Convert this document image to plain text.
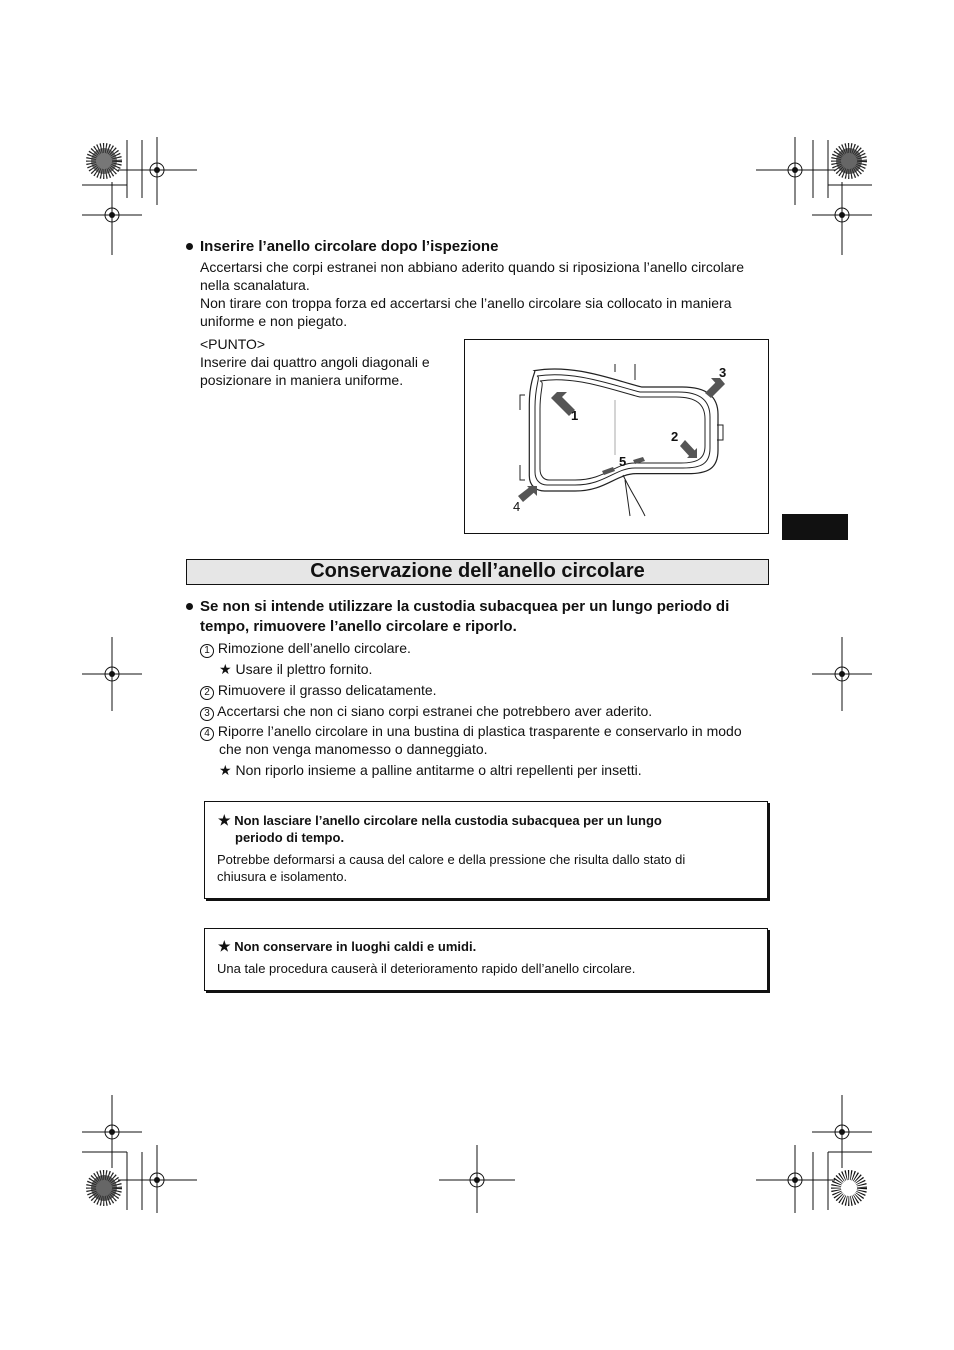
Inserire l’anello circolare dopo l’ispezione
Accertarsi che corpi estranei non abbiano aderito quando si riposiziona l’anello circolare
nella scanalatura.
Non tirare con troppa forza ed accertarsi che l’anello circolare sia collocato in maniera
uniforme e non piegato.
<PUNTO>
Inserire dai quattro angoli diagonali e
posizionare in maniera uniforme.
1
2
3
4
5
Conservazione dell’anello circolare
Se non si intende utilizzare la custodia subacquea per un lungo periodo di
tempo, rimuovere l’anello circolare e riporlo.
1 Rimozione dell’anello circolare.
★ Usare il plettro fornito.
2 Rimuovere il grasso delicatamente.
3 Accertarsi che non ci siano corpi estranei che potrebbero aver aderito.
4 Riporre l’anello circolare in una bustina di plastica trasparente e conservarlo in modo
che non venga manomesso o danneggiato.
★ Non riporlo insieme a palline antitarme o altri repellenti per insetti.
★ Non lasciare l’anello circolare nella custodia subacquea per un lungo
periodo di tempo.
Potrebbe deformarsi a causa del calore e della pressione che risulta dallo stato di
chiusura e isolamento.
★ Non conservare in luoghi caldi e umidi.
Una tale procedura causerà il deterioramento rapido dell’anello circolare.
